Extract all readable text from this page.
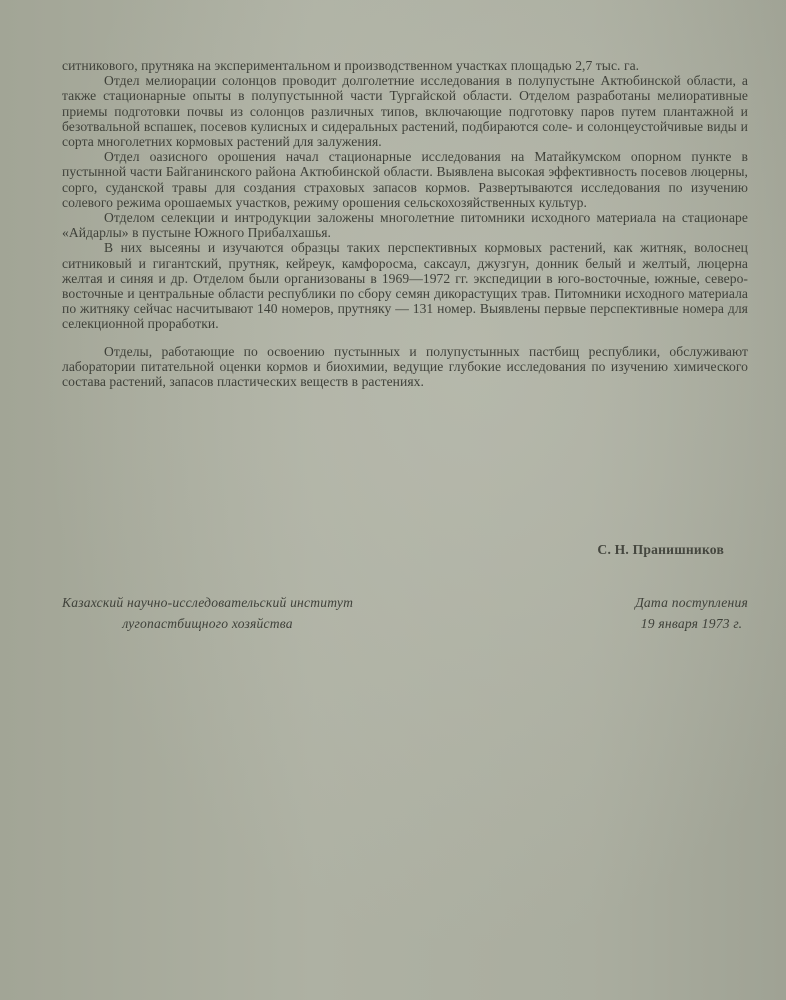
ситникового, прутняка на экспериментальном и производственном участках площадью 2,7 тыс. га.

Отдел мелиорации солонцов проводит долголетние исследования в полупустыне Актюбинской области, а также стационарные опыты в полупустынной части Тургайской области. Отделом разработаны мелиоративные приемы подготовки почвы из солонцов различных типов, включающие подготовку паров путем плантажной и безотвальной вспашек, посевов кулисных и сидеральных растений, подбираются соле- и солонцеустойчивые виды и сорта многолетних кормовых растений для залужения.

Отдел оазисного орошения начал стационарные исследования на Матайкумском опорном пункте в пустынной части Байганинского района Актюбинской области. Выявлена высокая эффективность посевов люцерны, сорго, суданской травы для создания страховых запасов кормов. Развертываются исследования по изучению солевого режима орошаемых участков, режиму орошения сельскохозяйственных культур.

Отделом селекции и интродукции заложены многолетние питомники исходного материала на стационаре «Айдарлы» в пустыне Южного Прибалхашья.

В них высеяны и изучаются образцы таких перспективных кормовых растений, как житняк, волоснец ситниковый и гигантский, прутняк, кейреук, камфоросма, саксаул, джузгун, донник белый и желтый, люцерна желтая и синяя и др. Отделом были организованы в 1969—1972 гг. экспедиции в юго-восточные, южные, северо-восточные и центральные области республики по сбору семян дикорастущих трав. Питомники исходного материала по житняку сейчас насчитывают 140 номеров, прутняку — 131 номер. Выявлены первые перспективные номера для селекционной проработки.

Отделы, работающие по освоению пустынных и полупустынных пастбищ республики, обслуживают лаборатории питательной оценки кормов и биохимии, ведущие глубокие исследования по изучению химического состава растений, запасов пластических веществ в растениях.

С. Н. Пранишников
Казахский научно-исследовательский институт
лугопастбищного хозяйства
Дата поступления
19 января 1973 г.
